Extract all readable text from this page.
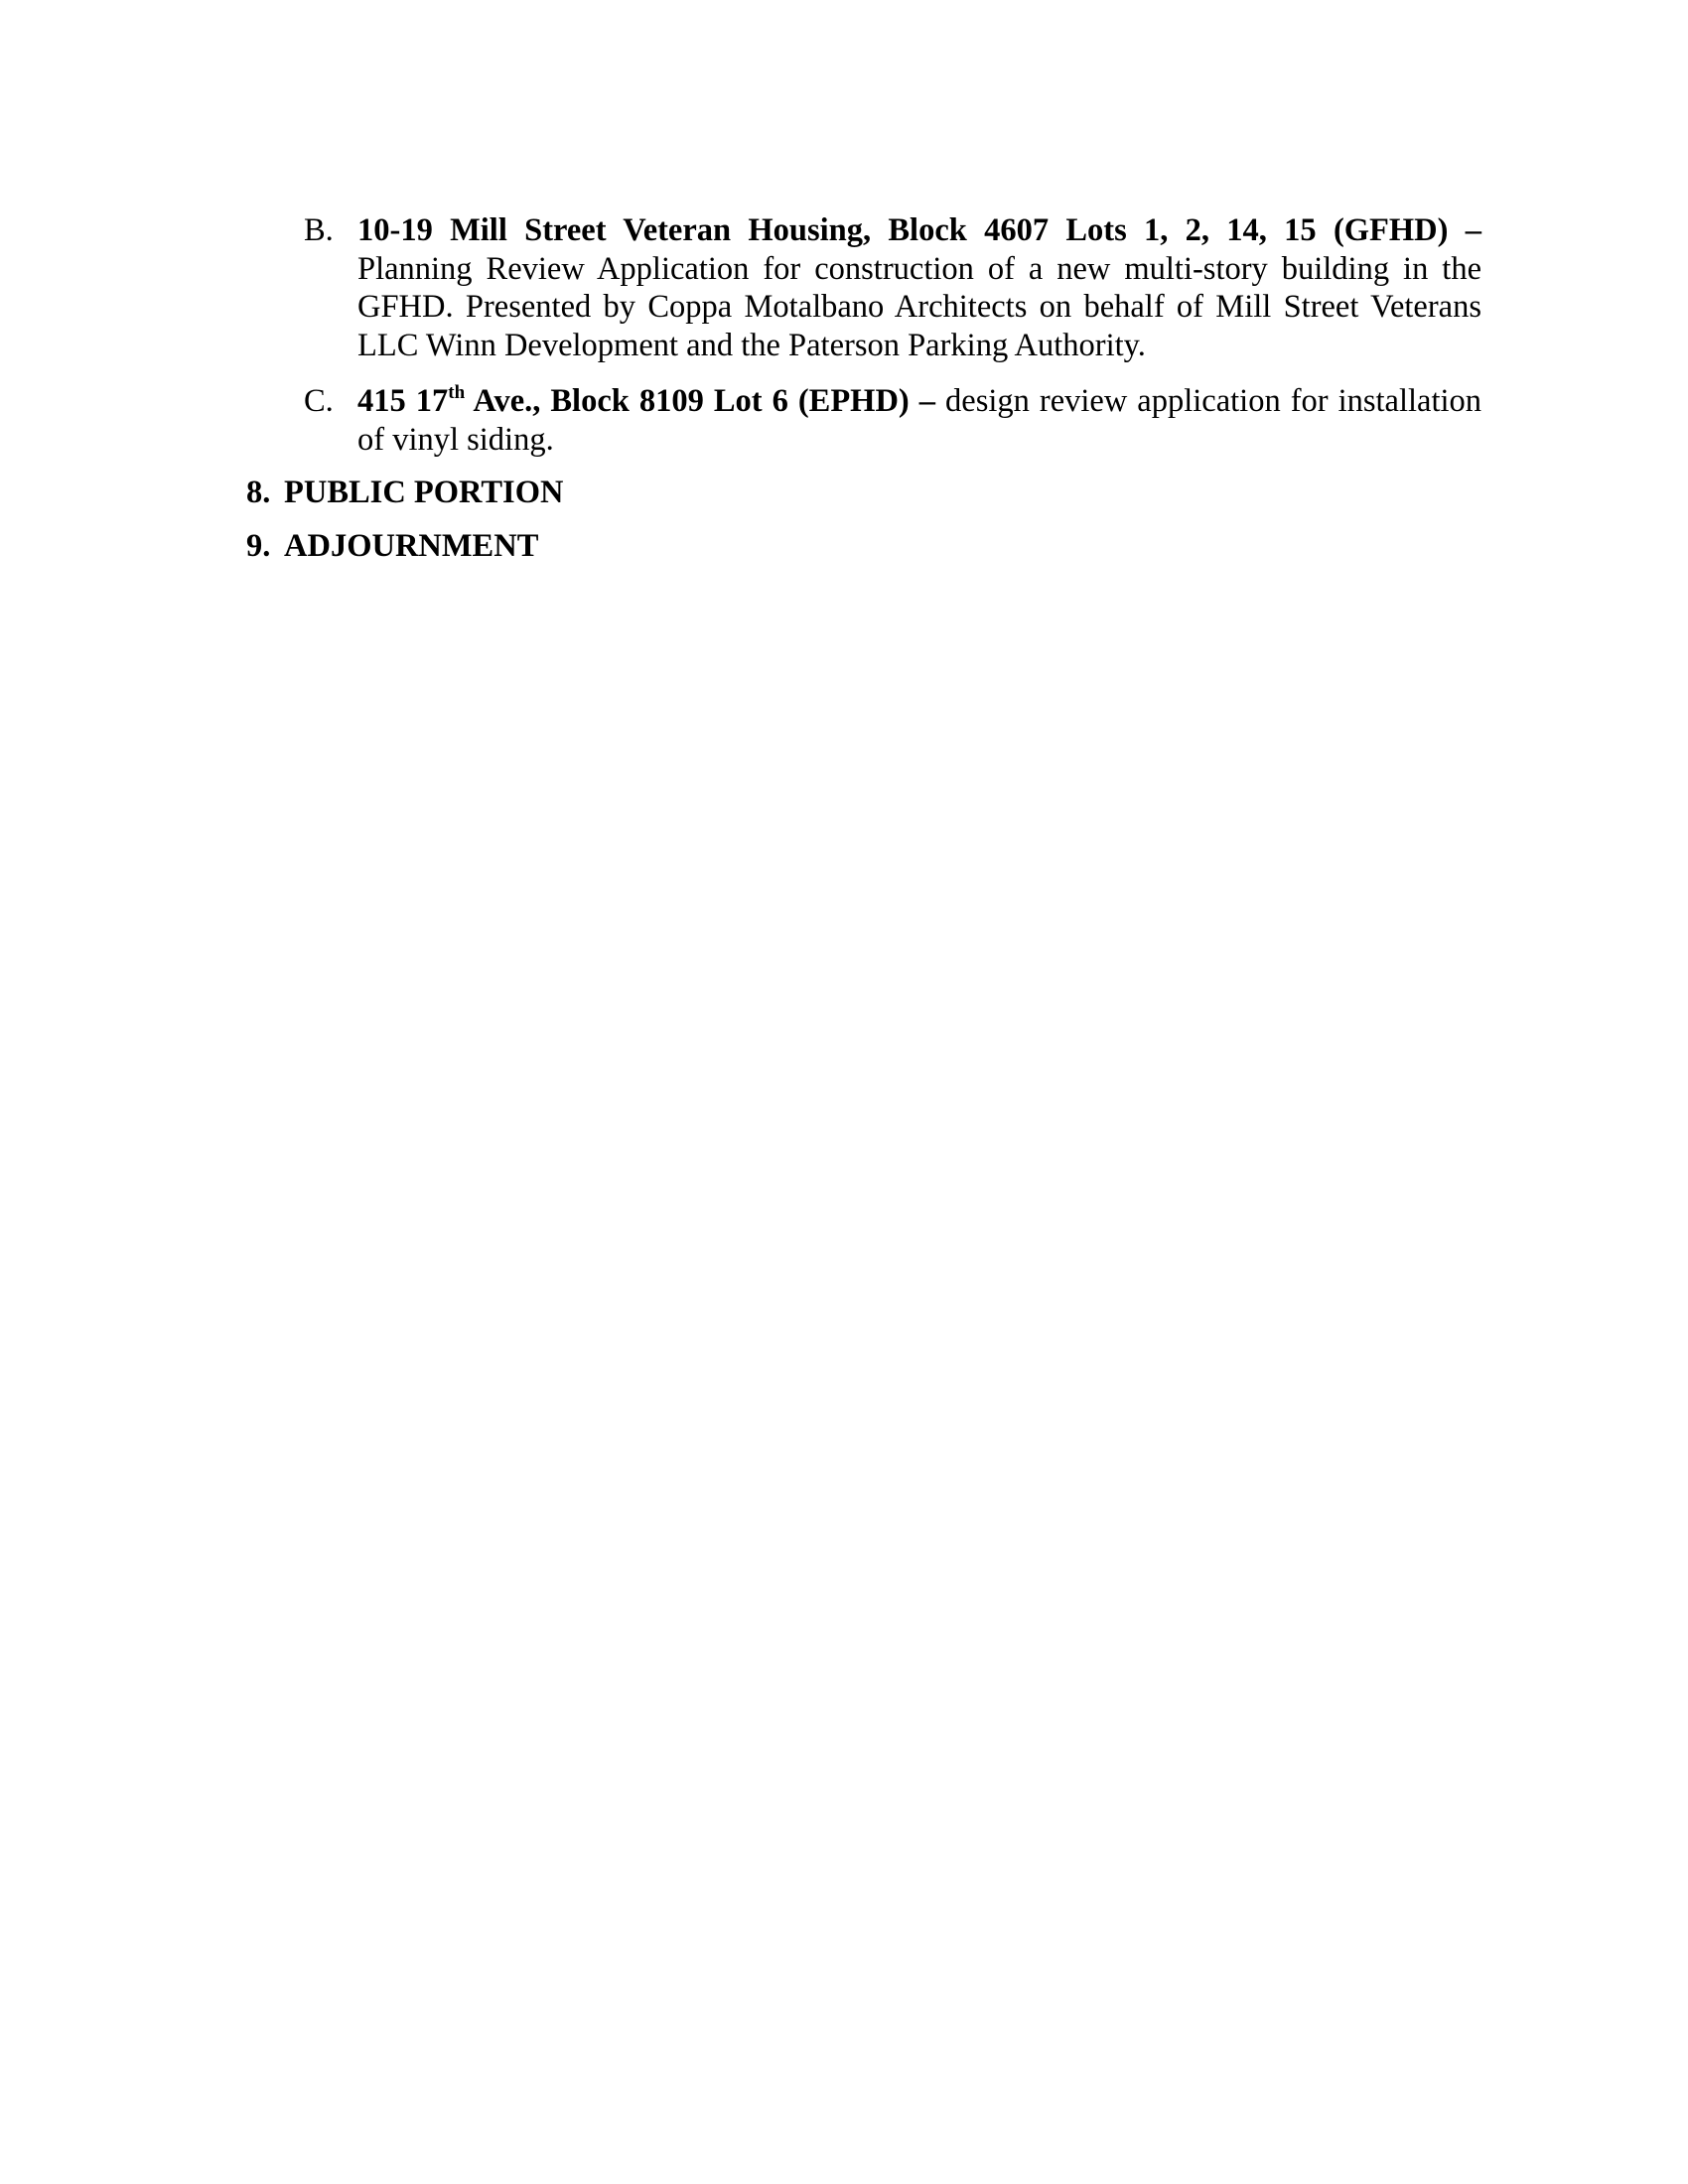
B. 10-19 Mill Street Veteran Housing, Block 4607 Lots 1, 2, 14, 15 (GFHD) – Planning Review Application for construction of a new multi-story building in the GFHD. Presented by Coppa Motalbano Architects on behalf of Mill Street Veterans LLC Winn Development and the Paterson Parking Authority.
C. 415 17th Ave., Block 8109 Lot 6 (EPHD) – design review application for installation of vinyl siding.
8. PUBLIC PORTION
9. ADJOURNMENT
